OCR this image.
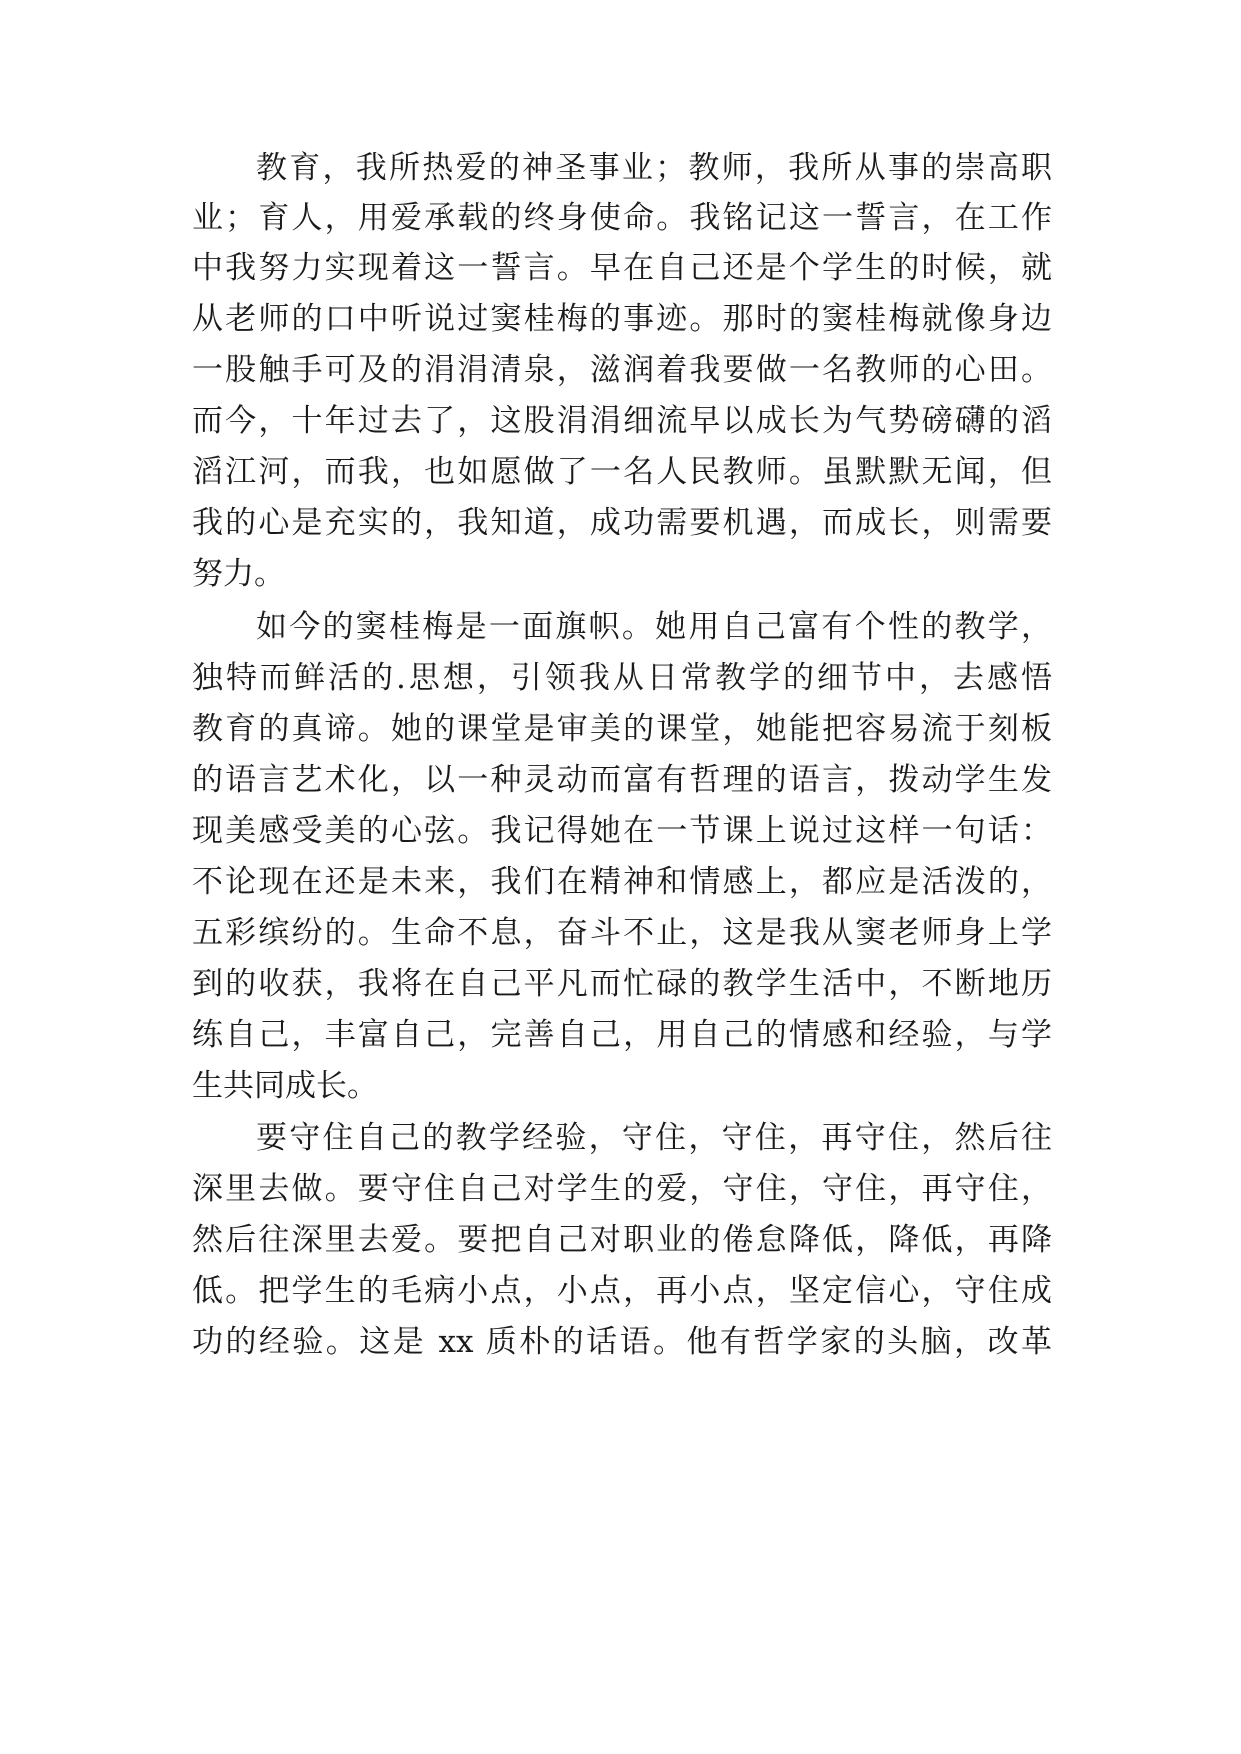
教育，我所热爱的神圣事业；教师，我所从事的崇高职
业；育人，用爱承载的终身使命。我铭记这一誓言，在工作
中我努力实现着这一誓言。早在自己还是个学生的时候，就
从老师的口中听说过窦桂梅的事迹。那时的窦桂梅就像身边
一股触手可及的涓涓清泉，滋润着我要做一名教师的心田。
而今，十年过去了，这股涓涓细流早以成长为气势磅礴的滔
滔江河，而我，也如愿做了一名人民教师。虽默默无闻，但
我的心是充实的，我知道，成功需要机遇，而成长，则需要
努力。
如今的窦桂梅是一面旗帜。她用自己富有个性的教学，
独特而鲜活的.思想，引领我从日常教学的细节中，去感悟
教育的真谛。她的课堂是审美的课堂，她能把容易流于刻板
的语言艺术化，以一种灵动而富有哲理的语言，拨动学生发
现美感受美的心弦。我记得她在一节课上说过这样一句话：
不论现在还是未来，我们在精神和情感上，都应是活泼的，
五彩缤纷的。生命不息，奋斗不止，这是我从窦老师身上学
到的收获，我将在自己平凡而忙碌的教学生活中，不断地历
练自己，丰富自己，完善自己，用自己的情感和经验，与学
生共同成长。
要守住自己的教学经验，守住，守住，再守住，然后往
深里去做。要守住自己对学生的爱，守住，守住，再守住，
然后往深里去爱。要把自己对职业的倦怠降低，降低，再降
低。把学生的毛病小点，小点，再小点，坚定信心，守住成
功的经验。这是 xx 质朴的话语。他有哲学家的头脑，改革
